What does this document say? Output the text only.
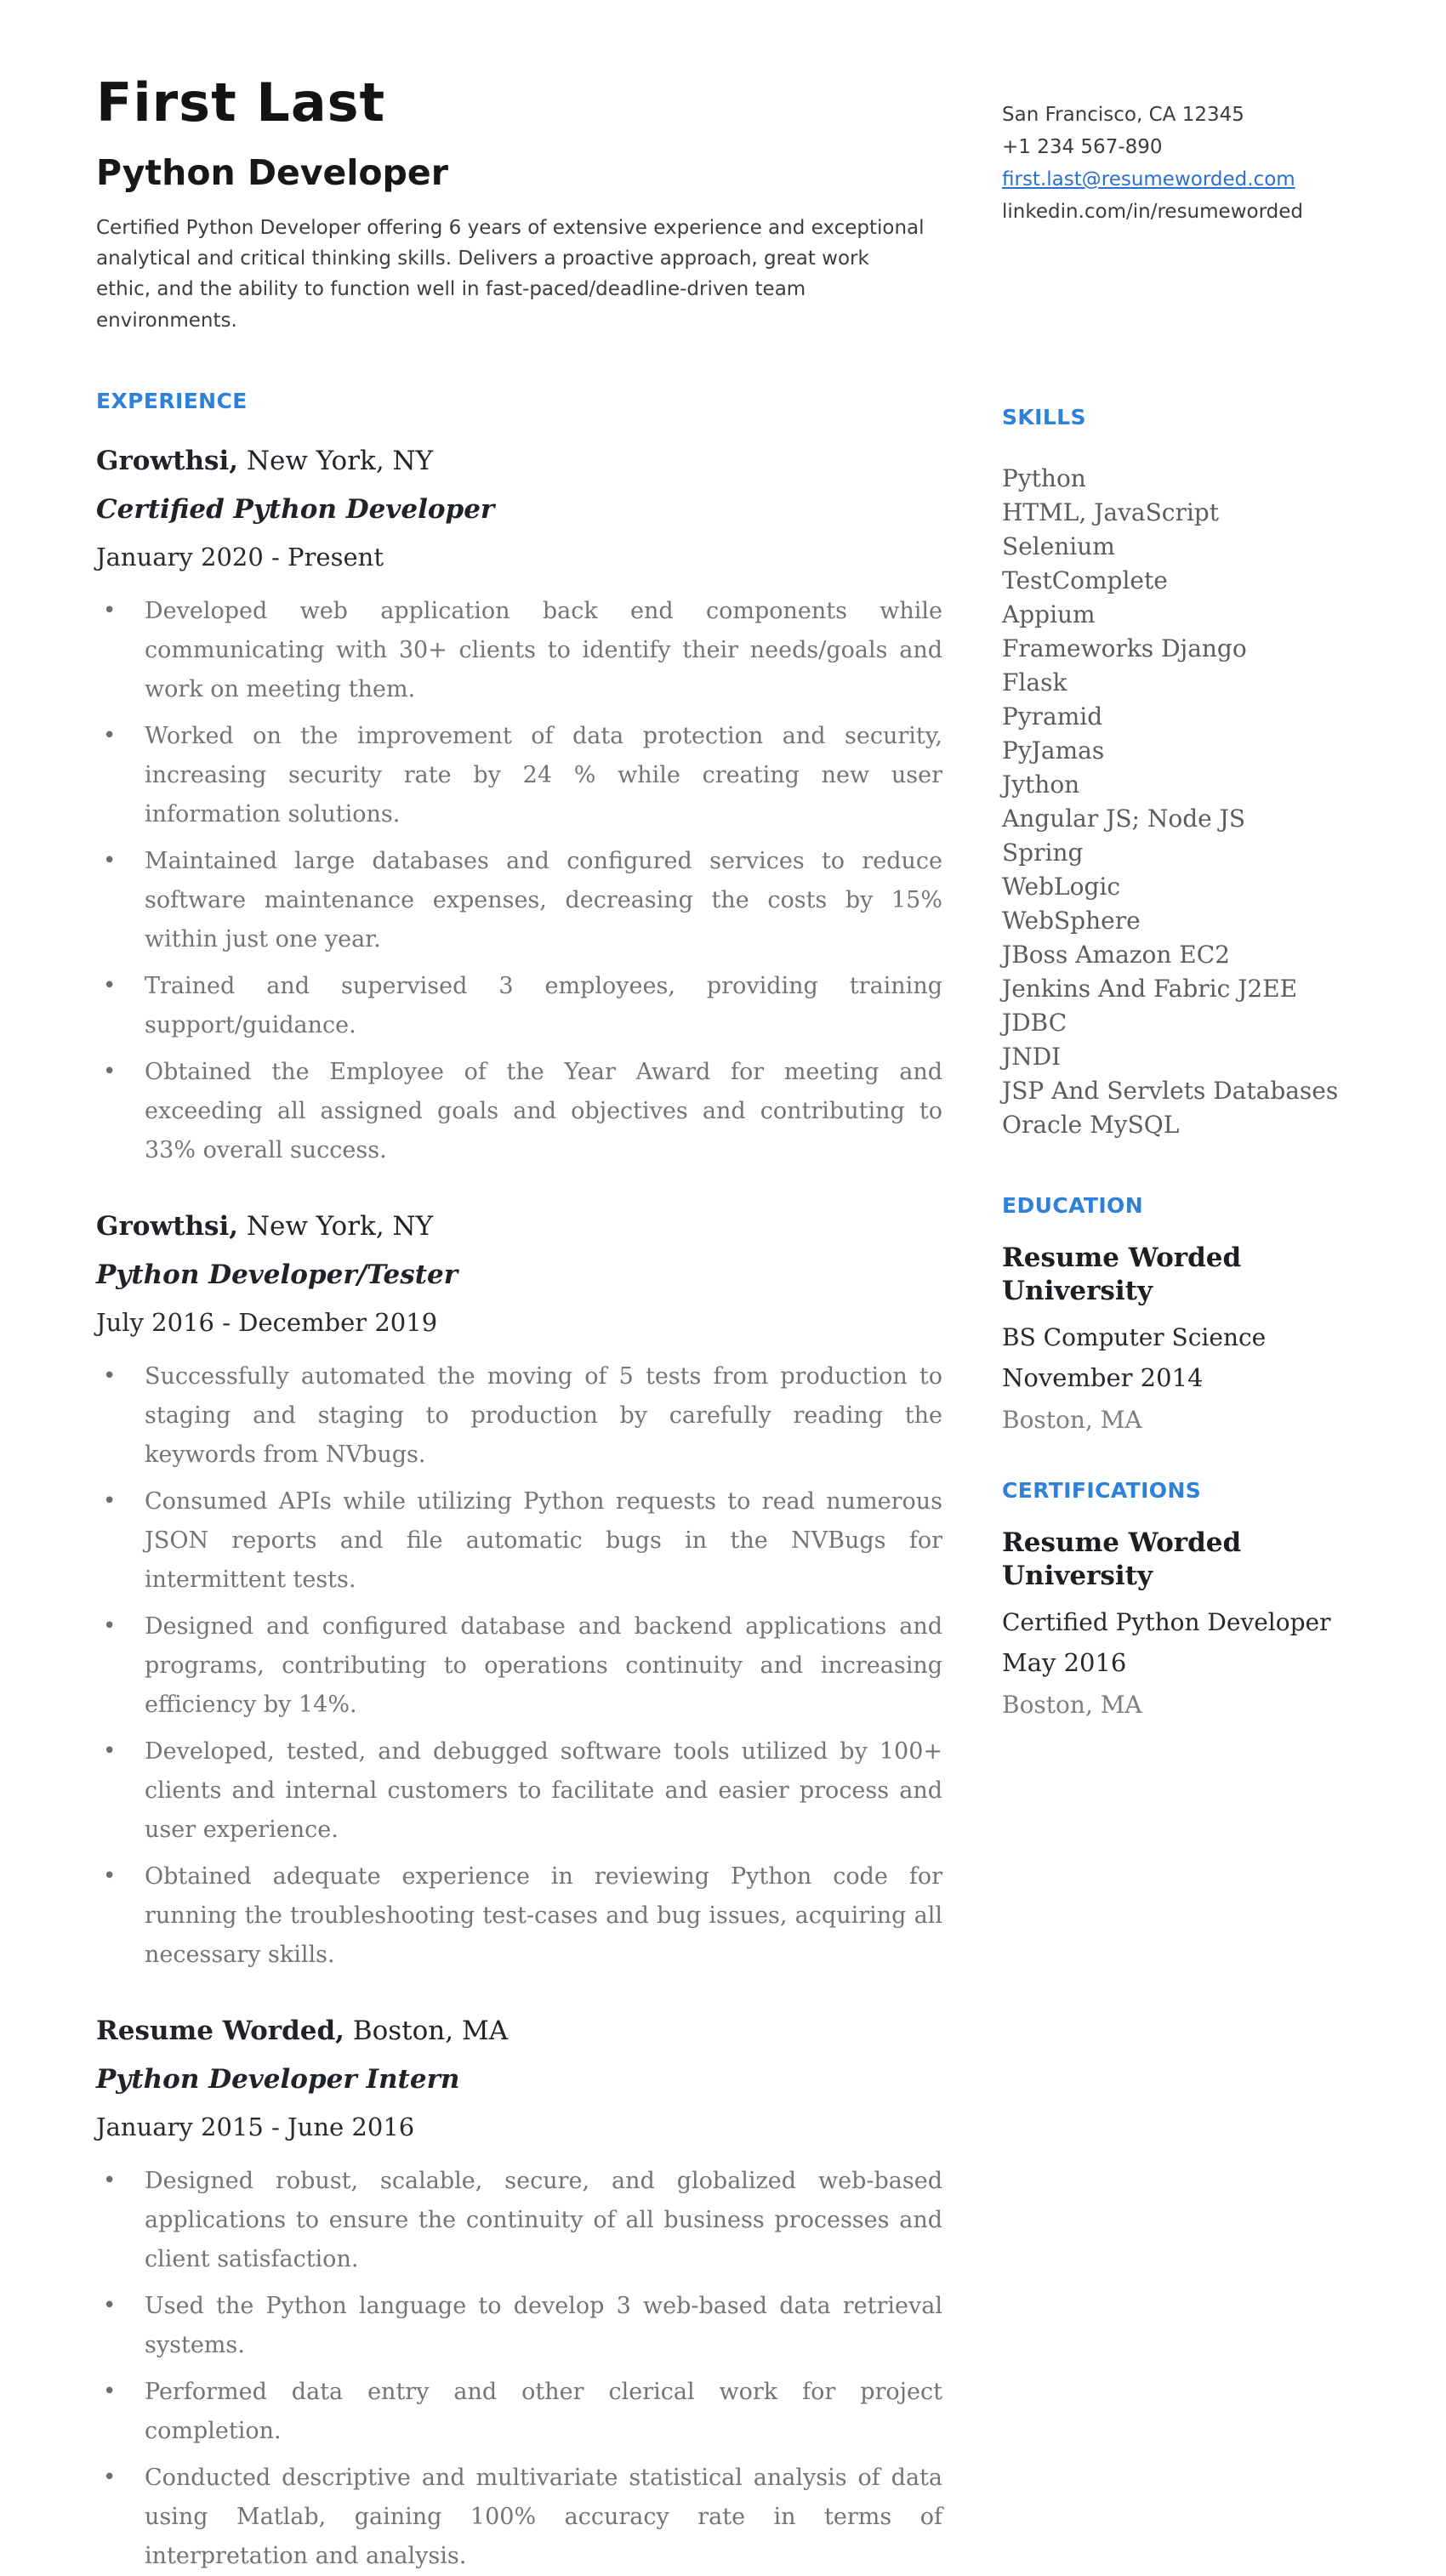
First Last
Python Developer

Certified Python Developer offering 6 years of extensive experience and exceptional analytical and critical thinking skills. Delivers a proactive approach, great work ethic, and the ability to function well in fast-paced/deadline-driven team environments.

EXPERIENCE
Growthsi, New York, NY
Certified Python Developer
January 2020 - Present
• Developed web application back end components while communicating with 30+ clients to identify their needs/goals and work on meeting them.
• Worked on the improvement of data protection and security, increasing security rate by 24 % while creating new user information solutions.
• Maintained large databases and configured services to reduce software maintenance expenses, decreasing the costs by 15% within just one year.
• Trained and supervised 3 employees, providing training support/guidance.
• Obtained the Employee of the Year Award for meeting and exceeding all assigned goals and objectives and contributing to 33% overall success.
Growthsi, New York, NY
Python Developer/Tester
July 2016 - December 2019
• Successfully automated the moving of 5 tests from production to staging and staging to production by carefully reading the keywords from NVbugs.
• Consumed APIs while utilizing Python requests to read numerous JSON reports and file automatic bugs in the NVBugs for intermittent tests.
• Designed and configured database and backend applications and programs, contributing to operations continuity and increasing efficiency by 14%.
• Developed, tested, and debugged software tools utilized by 100+ clients and internal customers to facilitate and easier process and user experience.
• Obtained adequate experience in reviewing Python code for running the troubleshooting test-cases and bug issues, acquiring all necessary skills.
Resume Worded, Boston, MA
Python Developer Intern
January 2015 - June 2016
• Designed robust, scalable, secure, and globalized web-based applications to ensure the continuity of all business processes and client satisfaction.
• Used the Python language to develop 3 web-based data retrieval systems.
• Performed data entry and other clerical work for project completion.
• Conducted descriptive and multivariate statistical analysis of data using Matlab, gaining 100% accuracy rate in terms of interpretation and analysis.
San Francisco, CA 12345
+1 234 567-890
first.last@resumeworded.com
linkedin.com/in/resumeworded
SKILLS
Python
HTML, JavaScript
Selenium
TestComplete
Appium
Frameworks Django
Flask
Pyramid
PyJamas
Jython
Angular JS; Node JS
Spring
WebLogic
WebSphere
JBoss Amazon EC2
Jenkins And Fabric J2EE JDBC
JNDI
JSP And Servlets Databases
Oracle MySQL
EDUCATION
Resume Worded University
BS Computer Science
November 2014
Boston, MA
CERTIFICATIONS
Resume Worded University
Certified Python Developer
May 2016
Boston, MA
